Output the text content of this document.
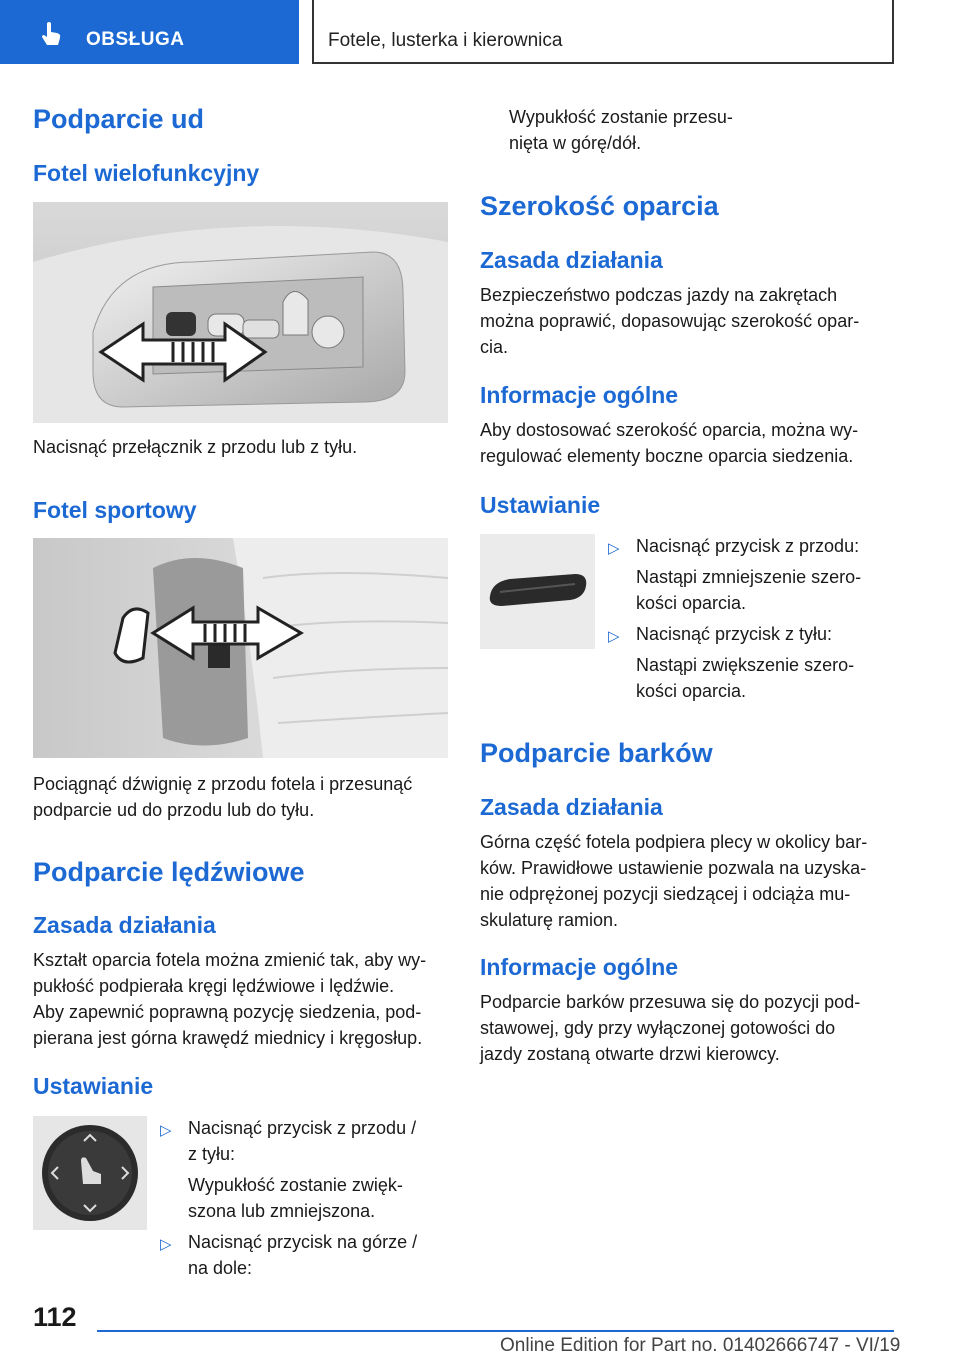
OBSŁUGA	Fotele, lusterka i kierownica
Podparcie ud
Fotel wielofunkcyjny

Nacisnąć przełącznik z przodu lub z tyłu.

Fotel sportowy

Pociągnąć dźwignię z przodu fotela i przesunąć

podparcie ud do przodu lub do tyłu.

Podparcie lędźwiowe
Zasada działania

Kształt oparcia fotela można zmienić tak, aby wy-

pukłość podpierała kręgi lędźwiowe i lędźwie.

Aby zapewnić poprawną pozycję siedzenia, pod-

pierana jest górna krawędź miednicy i kręgosłup.

Ustawianie
▷ Nacisnąć przycisk z przodu /

z tyłu:

Wypukłość zostanie zwięk-

szona lub zmniejszona.

▷ Nacisnąć przycisk na górze /

na dole:

Wypukłość zostanie przesu-

nięta w górę/dół.

Szerokość oparcia
Zasada działania

Bezpieczeństwo podczas jazdy na zakrętach

można poprawić, dopasowując szerokość opar-

cia.

Informacje ogólne

Aby dostosować szerokość oparcia, można wy-

regulować elementy boczne oparcia siedzenia.

Ustawianie
▷ Nacisnąć przycisk z przodu:

Nastąpi zmniejszenie szero-

kości oparcia.

▷ Nacisnąć przycisk z tyłu:

Nastąpi zwiększenie szero-

kości oparcia.

Podparcie barków
Zasada działania

Górna część fotela podpiera plecy w okolicy bar-

ków. Prawidłowe ustawienie pozwala na uzyska-

nie odprężonej pozycji siedzącej i odciąża mu-

skulaturę ramion.

Informacje ogólne

Podparcie barków przesuwa się do pozycji pod-

stawowej, gdy przy wyłączonej gotowości do

jazdy zostaną otwarte drzwi kierowcy.

112
Online Edition for Part no. 01402666747 - VI/19
